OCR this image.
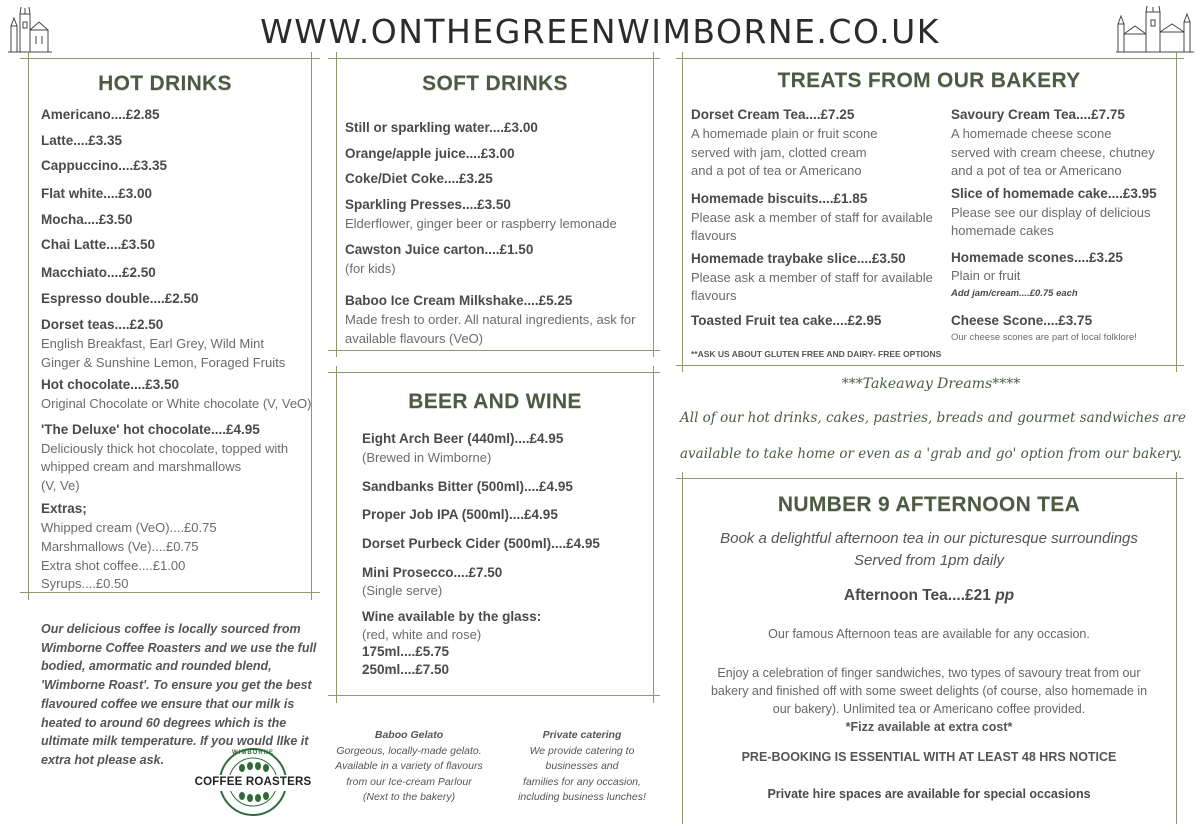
WWW.ONTHEGREENWIMBORNE.CO.UK
HOT DRINKS
Americano....£2.85
Latte....£3.35
Cappuccino....£3.35
Flat white....£3.00
Mocha....£3.50
Chai Latte....£3.50
Macchiato....£2.50
Espresso double....£2.50
Dorset teas....£2.50
English Breakfast, Earl Grey, Wild Mint
Ginger & Sunshine Lemon, Foraged Fruits
Hot chocolate....£3.50
Original Chocolate or White chocolate (V, VeO)
'The Deluxe' hot chocolate....£4.95
Deliciously thick hot chocolate, topped with
whipped cream and marshmallows
(V, Ve)
Extras;
Whipped cream (VeO)....£0.75
Marshmallows (Ve)....£0.75
Extra shot coffee....£1.00
Syrups....£0.50
Our delicious coffee is locally sourced from Wimborne Coffee Roasters and we use the full bodied, amormatic and rounded blend, 'Wimborne Roast'. To ensure you get the best flavoured coffee we ensure that our milk is heated to around 60 degrees which is the ultimate milk temperature. If you would lIke it extra hot please ask.	WIMBORNE
COFFEE ROASTERS
SOFT DRINKS
Still or sparkling water....£3.00
Orange/apple juice....£3.00
Coke/Diet Coke....£3.25
Sparkling Presses....£3.50
Elderflower, ginger beer or raspberry lemonade
Cawston Juice carton....£1.50
(for kids)
Baboo Ice Cream Milkshake....£5.25
Made fresh to order. All natural ingredients, ask for
available flavours (VeO)
BEER AND WINE
Eight Arch Beer (440ml)....£4.95
(Brewed in Wimborne)
Sandbanks Bitter (500ml)....£4.95
Proper Job IPA (500ml)....£4.95
Dorset Purbeck Cider (500ml)....£4.95
Mini Prosecco....£7.50
(Single serve)
Wine available by the glass:
(red, white and rose)
175ml....£5.75
250ml....£7.50
Baboo Gelato
Gorgeous, locally-made gelato.
Available in a variety of flavours
from our Ice-cream Parlour
(Next to the bakery)
Private catering
We provide catering to
businesses and
families for any occasion,
including business lunches!
TREATS FROM OUR BAKERY
Dorset Cream Tea....£7.25
A homemade plain or fruit scone
served with jam, clotted cream
and a pot of tea or Americano
Homemade biscuits....£1.85
Please ask a member of staff for available
flavours
Homemade traybake slice....£3.50
Please ask a member of staff for available
flavours
Toasted Fruit tea cake....£2.95
**ASK US ABOUT GLUTEN FREE AND DAIRY- FREE OPTIONS
Savoury Cream Tea....£7.75
A homemade cheese scone
served with cream cheese, chutney
and a pot of tea or Americano
Slice of homemade cake....£3.95
Please see our display of delicious
homemade cakes
Homemade scones....£3.25
Plain or fruit
Add jam/cream....£0.75 each
Cheese Scone....£3.75
Our cheese scones are part of local folklore!
***Takeaway Dreams****
All of our hot drinks, cakes, pastries, breads and gourmet sandwiches are
available to take home or even as a 'grab and go' option from our bakery.
NUMBER 9 AFTERNOON TEA
Book a delightful afternoon tea in our picturesque surroundings
Served from 1pm daily
Afternoon Tea....£21 pp
Our famous Afternoon teas are available for any occasion.
Enjoy a celebration of finger sandwiches, two types of savoury treat from our
bakery and finished off with some sweet delights (of course, also homemade in
our bakery). Unlimited tea or Americano coffee provided.
*Fizz available at extra cost*
PRE-BOOKING IS ESSENTIAL WITH AT LEAST 48 HRS NOTICE
Private hire spaces are available for special occasions
